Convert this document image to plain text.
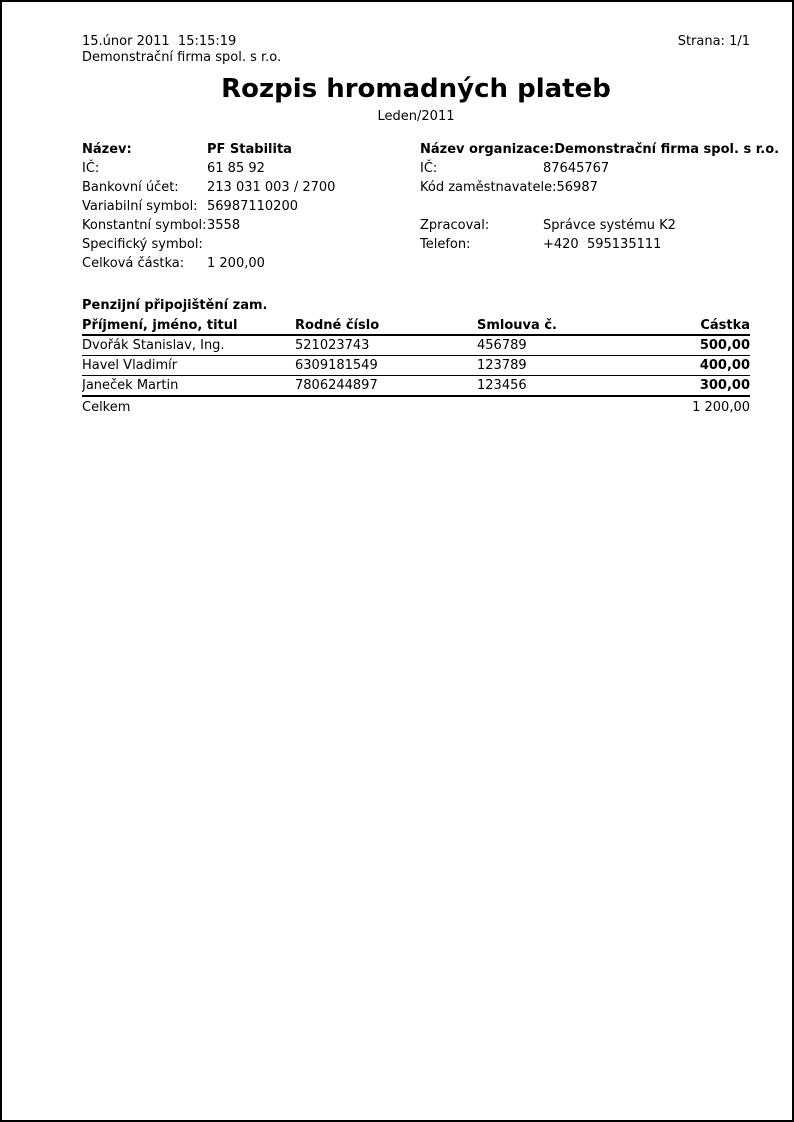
15.únor 2011  15:15:19
Demonstrační firma spol. s r.o.
Strana: 1/1
Rozpis hromadných plateb
Leden/2011
Název:	PF Stabilita
IČ:	61 85 92
Bankovní účet:	213 031 003 / 2700
Variabilní symbol: 56987110200
Konstantní symbol: 3558
Specifický symbol:
Celková částka:	1 200,00
Název organizace: Demonstrační firma spol. s r.o.
IČ:	87645767
Kód zaměstnavatele: 56987
Zpracoval:	Správce systému K2
Telefon:	+420  595135111
Penzijní připojištění zam.
Příjmení, jméno, titul	Rodné číslo	Smlouva č.	Částka
Dvořák Stanislav, Ing.	521023743	456789	500,00
Havel Vladimír	6309181549	123789	400,00
Janeček Martin	7806244897	123456	300,00
Celkem	1 200,00
